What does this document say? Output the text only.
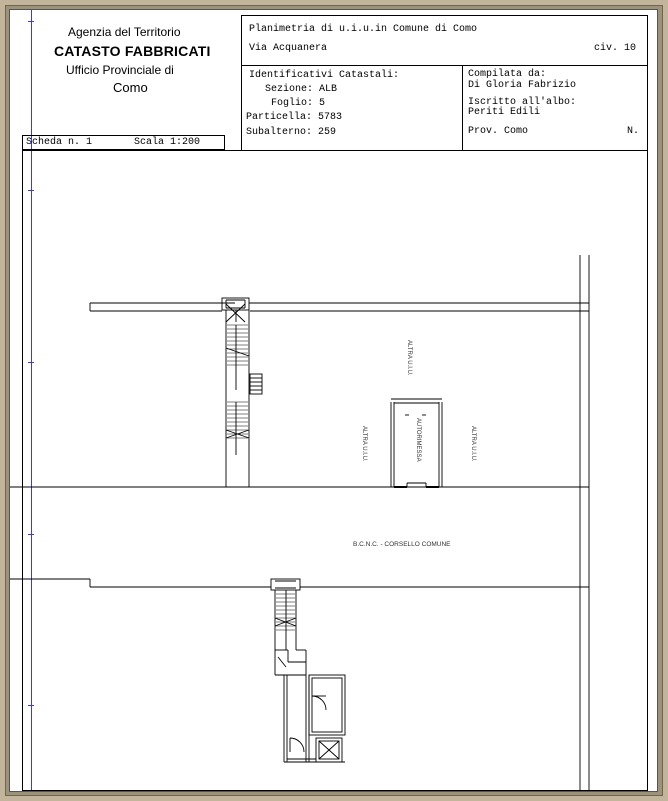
Agenzia del Territorio
CATASTO FABBRICATI
Ufficio Provinciale di
Como
Planimetria di u.i.u.in Comune di Como
Via Acquanera	civ. 10
Identificativi Catastali:
Sezione: ALB
Foglio: 5
Particella: 5783
Subalterno: 259
Compilata da:
Di Gloria Fabrizio
Iscritto all'albo:
Periti Edili
Prov. Como	N.
Scheda n. 1	Scala 1:200
ALTRA U.I.U.
ALTRA U.I.U.	ALTRA U.I.U.
AUTORIMESSA
B.C.N.C. - CORSELLO COMUNE
